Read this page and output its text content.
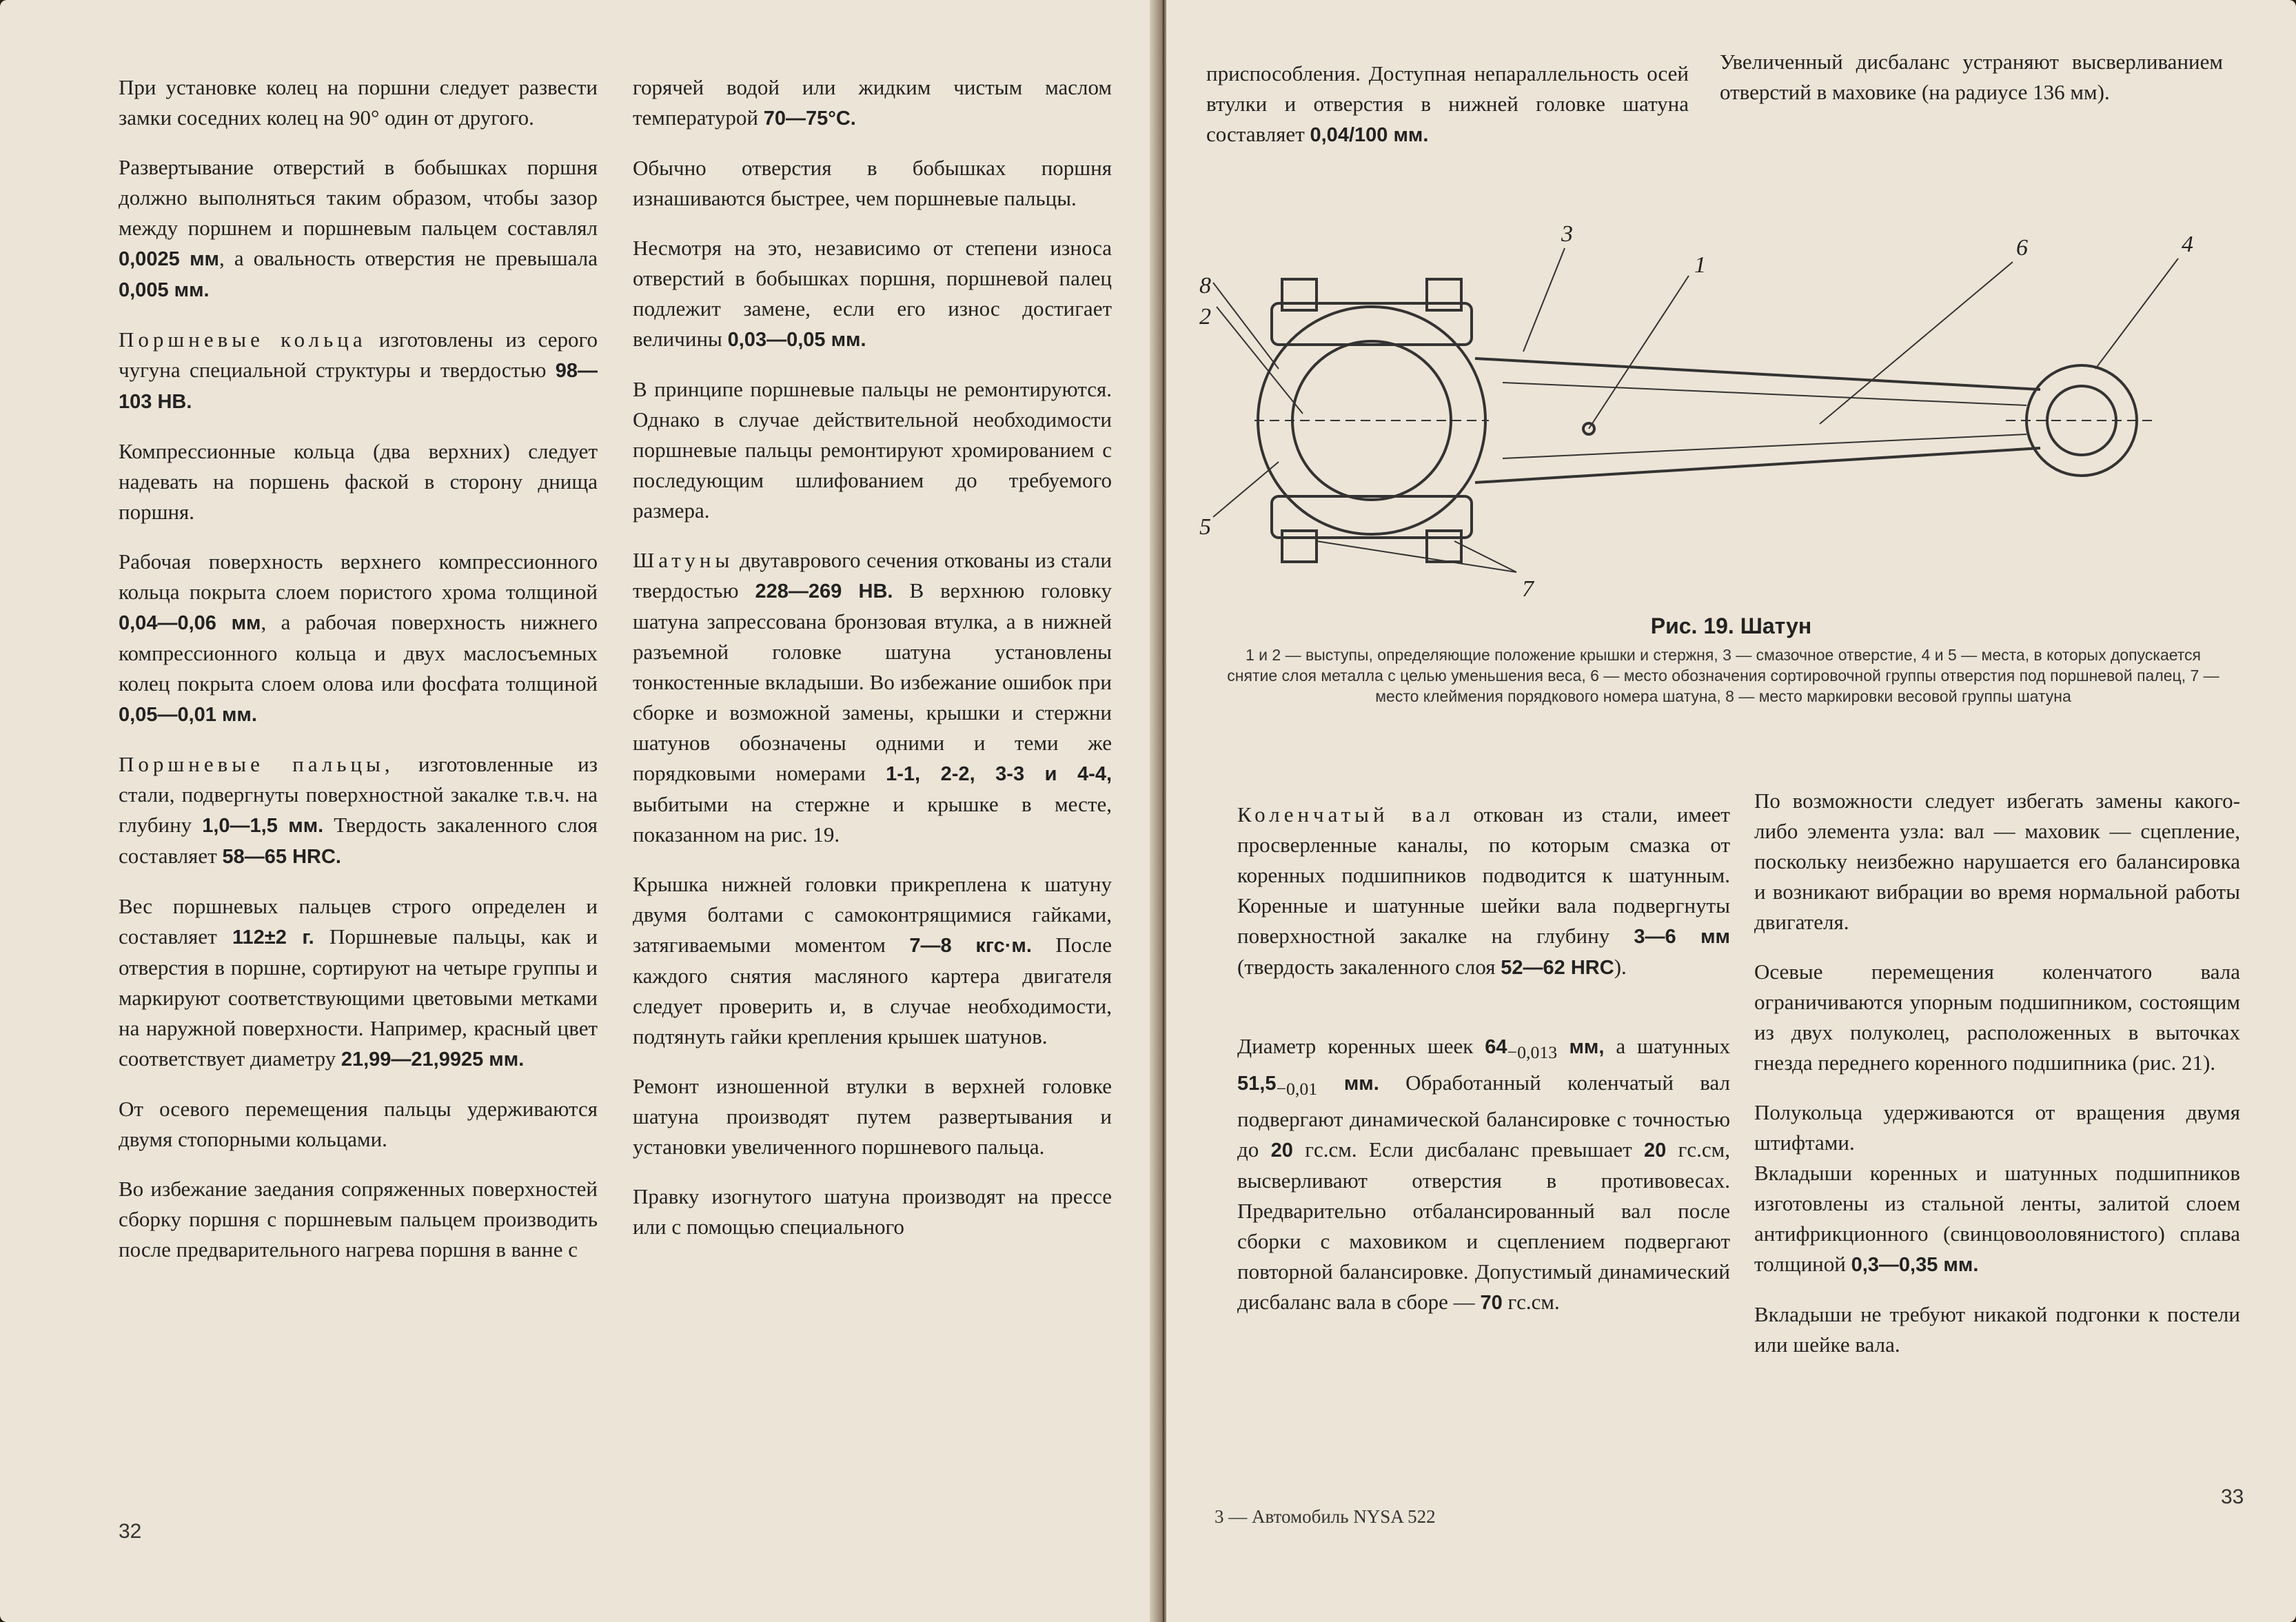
При установке колец на поршни следует развести замки соседних колец на 90° один от другого.

Развертывание отверстий в бобышках поршня должно выполняться таким образом, чтобы зазор между поршнем и поршневым пальцем составлял 0,0025 мм, а овальность отверстия не превышала 0,005 мм.

Поршневые кольца изготовлены из серого чугуна специальной структуры и твердостью 98—103 НВ.

Компрессионные кольца (два верхних) следует надевать на поршень фаской в сторону днища поршня.

Рабочая поверхность верхнего компрессионного кольца покрыта слоем пористого хрома толщиной 0,04—0,06 мм, а рабочая поверхность нижнего компрессионного кольца и двух маслосъемных колец покрыта слоем олова или фосфата толщиной 0,05—0,01 мм.

Поршневые пальцы, изготовленные из стали, подвергнуты поверхностной закалке т.в.ч. на глубину 1,0—1,5 мм. Твердость закаленного слоя составляет 58—65 HRC.

Вес поршневых пальцев строго определен и составляет 112±2 г. Поршневые пальцы, как и отверстия в поршне, сортируют на четыре группы и маркируют соответствующими цветовыми метками на наружной поверхности. Например, красный цвет соответствует диаметру 21,99—21,9925 мм.

От осевого перемещения пальцы удерживаются двумя стопорными кольцами.

Во избежание заедания сопряженных поверхностей сборку поршня с поршневым пальцем производить после предварительного нагрева поршня в ванне с

горячей водой или жидким чистым маслом температурой 70—75°С.

Обычно отверстия в бобышках поршня изнашиваются быстрее, чем поршневые пальцы.

Несмотря на это, независимо от степени износа отверстий в бобышках поршня, поршневой палец подлежит замене, если его износ достигает величины 0,03—0,05 мм.

В принципе поршневые пальцы не ремонтируются. Однако в случае действительной необходимости поршневые пальцы ремонтируют хромированием с последующим шлифованием до требуемого размера.

Шатуны двутаврового сечения откованы из стали твердостью 228—269 НВ. В верхнюю головку шатуна запрессована бронзовая втулка, а в нижней разъемной головке шатуна установлены тонкостенные вкладыши. Во избежание ошибок при сборке и возможной замены, крышки и стержни шатунов обозначены одними и теми же порядковыми номерами 1-1, 2-2, 3-3 и 4-4, выбитыми на стержне и крышке в месте, показанном на рис. 19.

Крышка нижней головки прикреплена к шатуну двумя болтами с самоконтрящимися гайками, затягиваемыми моментом 7—8 кгс·м. После каждого снятия масляного картера двигателя следует проверить и, в случае необходимости, подтянуть гайки крепления крышек шатунов.

Ремонт изношенной втулки в верхней головке шатуна производят путем развертывания и установки увеличенного поршневого пальца.

Правку изогнутого шатуна производят на прессе или с помощью специального

32

приспособления. Доступная непараллельность осей втулки и отверстия в нижней головке шатуна составляет 0,04/100 мм.

Увеличенный дисбаланс устраняют высверливанием отверстий в маховике (на радиусе 136 мм).

1
2
3	4
5
6
7
8
Рис. 19. Шатун
1 и 2 — выступы, определяющие положение крышки и стержня, 3 — смазочное отверстие, 4 и 5 — места, в которых допускается снятие слоя металла с целью уменьшения веса, 6 — место обозначения сортировочной группы отверстия под поршневой палец, 7 — место клеймения порядкового номера шатуна, 8 — место маркировки весовой группы шатуна

Коленчатый вал откован из стали, имеет просверленные каналы, по которым смазка от коренных подшипников подводится к шатунным. Коренные и шатунные шейки вала подвергнуты поверхностной закалке на глубину 3—6 мм (твердость закаленного слоя 52—62 HRC).

Диаметр коренных шеек $64_{-0,013}$ мм, а шатунных $51,5_{-0,01}$ мм. Обработанный коленчатый вал подвергают динамической балансировке с точностью до 20 гс.см. Если дисбаланс превышает 20 гс.см, высверливают отверстия в противовесах. Предварительно отбалансированный вал после сборки с маховиком и сцеплением подвергают повторной балансировке. Допустимый динамический дисбаланс вала в сборе — 70 гс.см.

По возможности следует избегать замены какого-либо элемента узла: вал — маховик — сцепление, поскольку неизбежно нарушается его балансировка и возникают вибрации во время нормальной работы двигателя.

Осевые перемещения коленчатого вала ограничиваются упорным подшипником, состоящим из двух полуколец, расположенных в выточках гнезда переднего коренного подшипника (рис. 21).

Полукольца удерживаются от вращения двумя штифтами.

Вкладыши коренных и шатунных подшипников изготовлены из стальной ленты, залитой слоем антифрикционного (свинцовооловянистого) сплава толщиной 0,3—0,35 мм.

Вкладыши не требуют никакой подгонки к постели или шейке вала.

3 — Автомобиль NYSA 522
33
